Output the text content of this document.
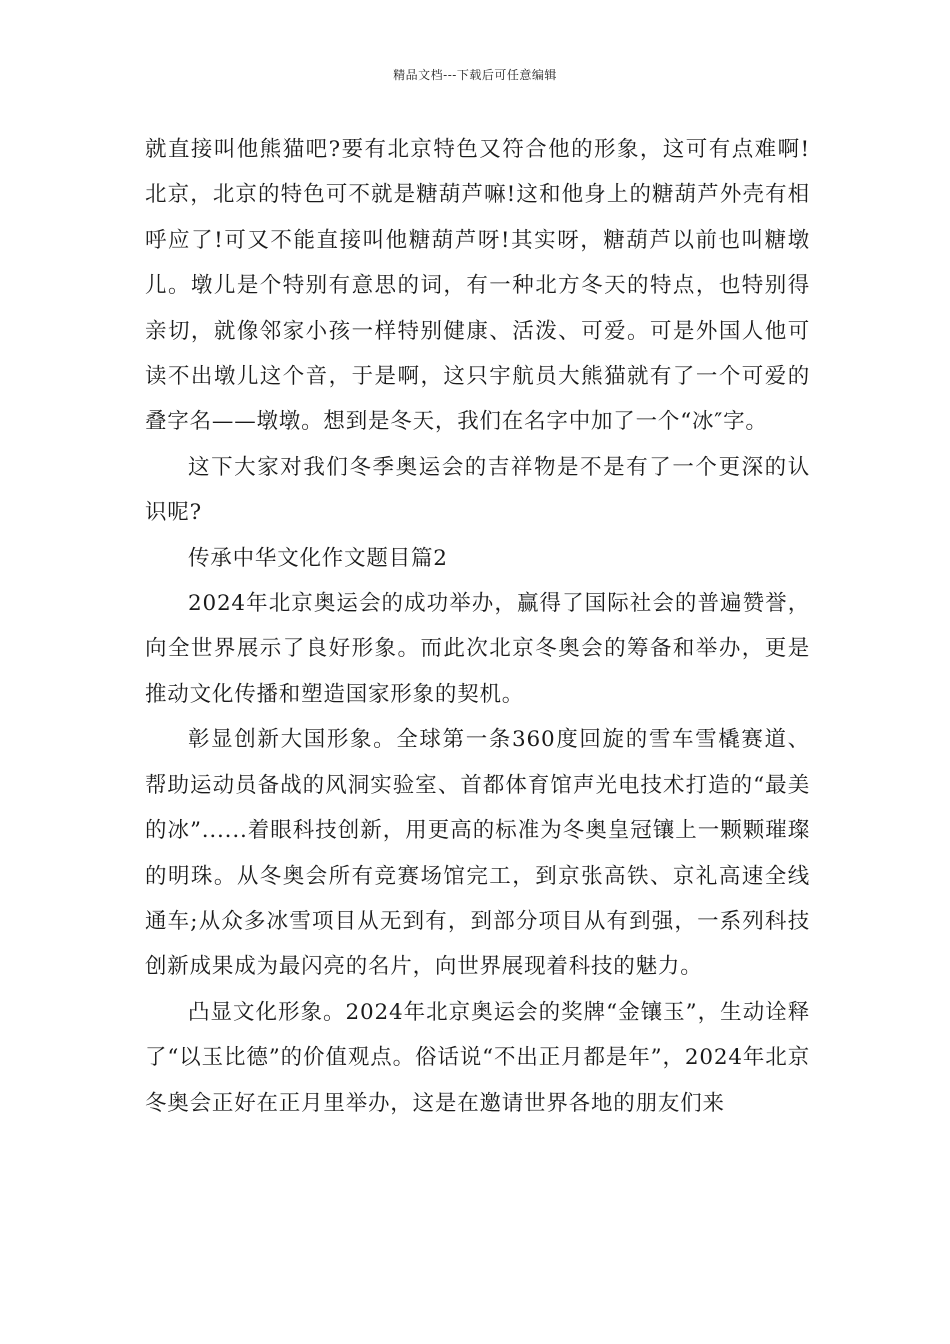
精品文档---下载后可任意编辑

就直接叫他熊猫吧?要有北京特色又符合他的形象，这可有点难啊!北京，北京的特色可不就是糖葫芦嘛!这和他身上的糖葫芦外壳有相呼应了!可又不能直接叫他糖葫芦呀!其实呀，糖葫芦以前也叫糖墩儿。墩儿是个特别有意思的词，有一种北方冬天的特点，也特别得亲切，就像邻家小孩一样特别健康、活泼、可爱。可是外国人他可读不出墩儿这个音，于是啊，这只宇航员大熊猫就有了一个可爱的叠字名——墩墩。想到是冬天，我们在名字中加了一个“冰″字。

这下大家对我们冬季奥运会的吉祥物是不是有了一个更深的认识呢?

传承中华文化作文题目篇2

2024年北京奥运会的成功举办，赢得了国际社会的普遍赞誉，向全世界展示了良好形象。而此次北京冬奥会的筹备和举办，更是推动文化传播和塑造国家形象的契机。

彰显创新大国形象。全球第一条360度回旋的雪车雪橇赛道、帮助运动员备战的风洞实验室、首都体育馆声光电技术打造的“最美的冰”......着眼科技创新，用更高的标准为冬奥皇冠镶上一颗颗璀璨的明珠。从冬奥会所有竞赛场馆完工，到京张高铁、京礼高速全线通车;从众多冰雪项目从无到有，到部分项目从有到强，一系列科技创新成果成为最闪亮的名片，向世界展现着科技的魅力。

凸显文化形象。2024年北京奥运会的奖牌“金镶玉”，生动诠释了“以玉比德”的价值观点。俗话说“不出正月都是年”，2024年北京冬奥会正好在正月里举办，这是在邀请世界各地的朋友们来
